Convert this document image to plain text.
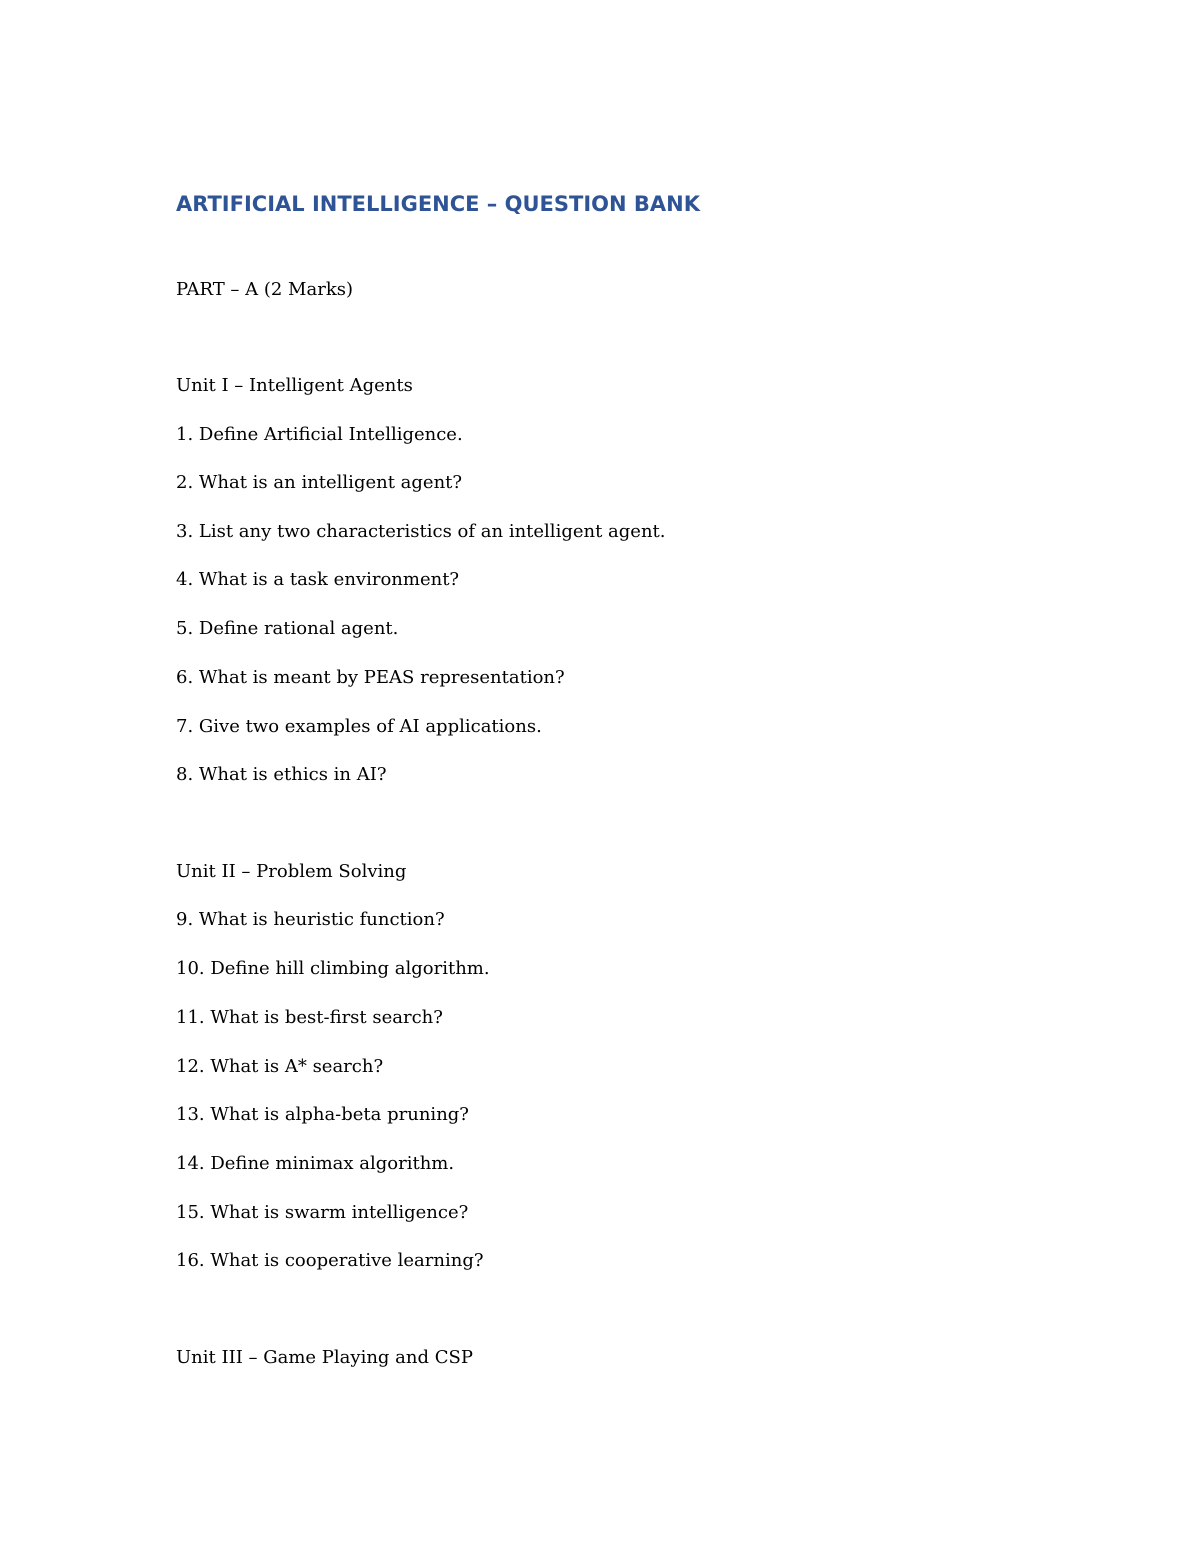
ARTIFICIAL INTELLIGENCE – QUESTION BANK

PART – A (2 Marks)

Unit I – Intelligent Agents

1. Define Artificial Intelligence.

2. What is an intelligent agent?

3. List any two characteristics of an intelligent agent.

4. What is a task environment?

5. Define rational agent.

6. What is meant by PEAS representation?

7. Give two examples of AI applications.

8. What is ethics in AI?

Unit II – Problem Solving

9. What is heuristic function?

10. Define hill climbing algorithm.

11. What is best-first search?

12. What is A* search?

13. What is alpha-beta pruning?

14. Define minimax algorithm.

15. What is swarm intelligence?

16. What is cooperative learning?

Unit III – Game Playing and CSP
